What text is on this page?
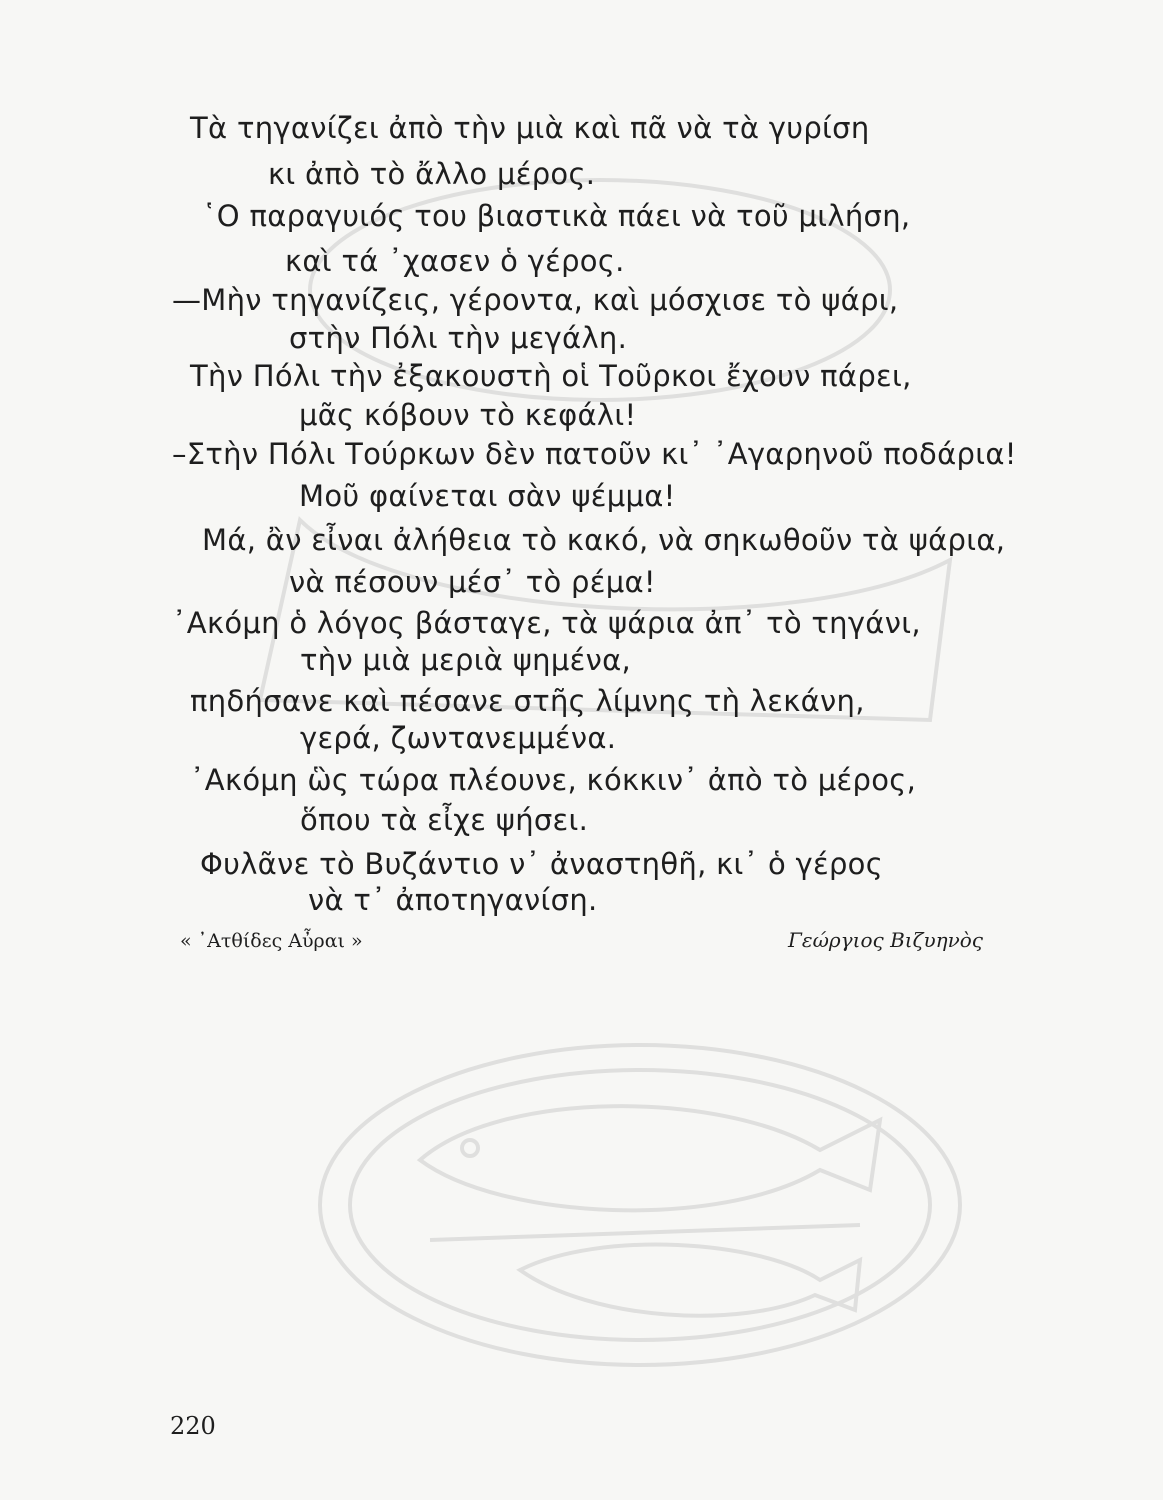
Τὰ τηγανίζει ἀπὸ τὴν μιὰ καὶ πᾶ νὰ τὰ γυρίση
κι ἀπὸ τὸ ἄλλο μέρος.
῾Ο παραγυιός του βιαστικὰ πάει νὰ τοῦ μιλήση,
καὶ τά ᾽χασεν ὁ γέρος.
—Μὴν τηγανίζεις, γέροντα, καὶ μόσχισε τὸ ψάρι,
στὴν Πόλι τὴν μεγάλη.
Τὴν Πόλι τὴν ἐξακουστὴ οἱ Τοῦρκοι ἔχουν πάρει,
μᾶς κόβουν τὸ κεφάλι!
–Στὴν Πόλι Τούρκων δὲν πατοῦν κι᾽ ᾽Αγαρηνοῦ ποδάρια!
Μοῦ φαίνεται σὰν ψέμμα!
Μά, ἂν εἶναι ἀλήθεια τὸ κακό, νὰ σηκωθοῦν τὰ ψάρια,
νὰ πέσουν μέσ᾽ τὸ ρέμα!
᾽Ακόμη ὁ λόγος βάσταγε, τὰ ψάρια ἀπ᾽ τὸ τηγάνι,
τὴν μιὰ μεριὰ ψημένα,
πηδήσανε καὶ πέσανε στῆς λίμνης τὴ λεκάνη,
γερά, ζωντανεμμένα.
᾽Ακόμη ὣς τώρα πλέουνε, κόκκιν᾽ ἀπὸ τὸ μέρος,
ὅπου τὰ εἶχε ψήσει.
Φυλᾶνε τὸ Βυζάντιο ν᾽ ἀναστηθῆ, κι᾽ ὁ γέρος
νὰ τ᾽ ἀποτηγανίση.
« ᾽Ατθίδες Αὖραι »	Γεώργιος Βιζυηνὸς
220
